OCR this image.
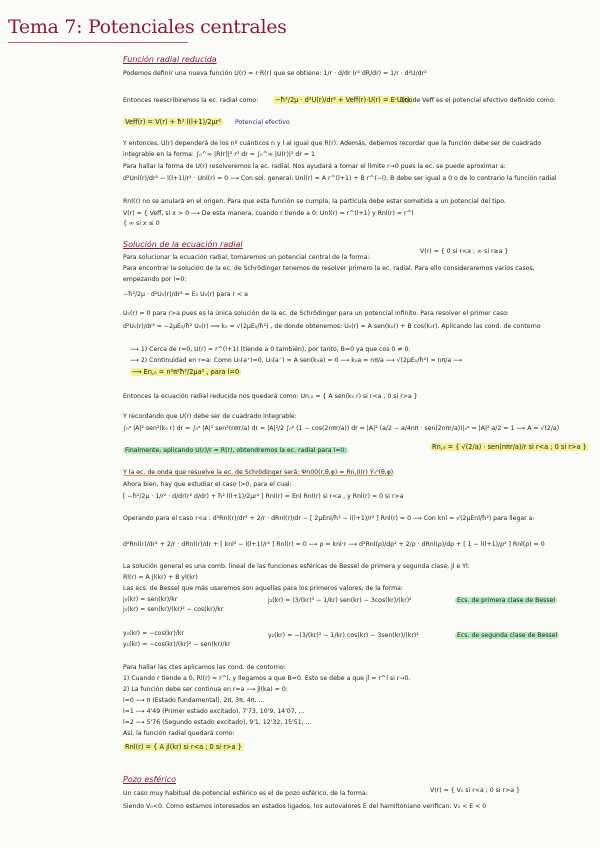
Tema 7: Potenciales centrales
Función radial reducida
Podemos definir una nueva función U(r) = r·R(r) que se obtiene: 1/r · d/dr (r² dR/dr) = 1/r · d²U/dr²
Entonces reescribiremos la ec. radial como:	−ħ²/2μ · d²U(r)/dr² + Veff(r)·U(r) = E·U(r).
Donde Veff es el potencial efectivo definido como:
Veff(r) = V(r) + ħ² l(l+1)/2μr²	Potencial efectivo
Y entonces, U(r) dependerá de los nº cuánticos n y l al igual que R(r). Además, debemos recordar que la función debe ser de cuadrado
integrable en la forma: ∫₀^∞ |R(r)|² r² dr = ∫₀^∞ |U(r)|² dr = 1
Para hallar la forma de U(r) resolveremos la ec. radial. Nos ayudará a tomar el límite r→0 pues la ec. se puede aproximar a:
d²Unl(r)/dr² − l(l+1)/r² · Unl(r) = 0 ⟶ Con sol. general: Unl(r) = A r^(l+1) + B r^(−l). B debe ser igual a 0 o de lo contrario la función radial
Rnl(r) no se anulará en el origen. Para que esta función se cumpla, la partícula debe estar sometida a un potencial del tipo.
V(r) = { Veff, si x > 0 ⟶ De esta manera, cuando r tiende a 0: Unl(r) ≈ r^(l+1) y Rnl(r) ≈ r^l
{ ∞ si x ≤ 0
Solución de la ecuación radial
Para solucionar la ecuación radial, tomaremos un potencial central de la forma:
V(r) = { 0 si r<a ; ∞ si r≥a }
Para encontrar la solución de la ec. de Schrödinger tenemos de resolver primero la ec. radial. Para ello consideraremos varios casos,
empezando por l=0:
−ħ²/2μ · d²U₀(r)/dr² = E₀ U₀(r) para r < a
U₀(r) = 0 para r>a pues es la única solución de la ec. de Schrödinger para un potencial infinito. Para resolver el primer caso:
d²U₀(r)/dr² = −2μE₀/ħ² U₀(r) ⟹ k₀ = √(2μE₀/ħ²) , de donde obtenemos: U₀(r) = A sen(k₀r) + B cos(k₀r). Aplicando las cond. de contorno
⟶ 1) Cerca de r=0, U(r) ≈ r^(l+1) (tiende a 0 también), por tanto, B=0 ya que cos 0 ≠ 0.
⟶ 2) Continuidad en r=a: Como U₀(a⁺)=0, U₀(a⁻) = A sen(k₀a) = 0 ⟶ k₀a = nπ/a ⟶ √(2μE₀/ħ²) = nπ/a ⟶
⟶ En,₀ = n²π²ħ²/2μa² , para l=0
Entonces la ecuación radial reducida nos quedará como: Un,₀ = { A sen(k₀ r) si r<a ; 0 si r>a }
Y recordando que U(r) debe ser de cuadrado integrable:
∫₀ᵃ |A|² sen²(k₀ r) dr = ∫₀ᵃ |A|² sen²(nπr/a) dr = |A|²/2 ∫₀ᵃ (1 − cos(2nπr/a)) dr = |A|² (a/2 − a/4nπ · sen(2nπr/a))|₀ᵃ = |A|² a/2 = 1 ⟶ A = √(2/a)
Finalmente, aplicando U(r)/r = R(r), obtendremos la ec. radial para l=0:	Rn,₀ = { √(2/a) · sen(nπr/a)/r si r<a ; 0 si r>a }
Y la ec. de onda que resuelve la ec. de Schrödinger será: Ψn00(r,θ,φ) = Rn,0(r) Y₀⁰(θ,φ)
Ahora bien, hay que estudiar el caso l>0, para el cual:
[ −ħ²/2μ · 1/r² · d/dr(r² d/dr) + ħ² l(l+1)/2μr² ] Rnl(r) = Enl Rnl(r) si r<a , y Rnl(r) = 0 si r>a
Operando para el caso r<a : d²Rnl(r)/dr² + 2/r · dRnl(r)/dr − [ 2μEnl/ħ² − l(l+1)/r² ] Rnl(r) = 0 ⟶ Con knl = √(2μEnl/ħ²) para llegar a:
d²Rnl(r)/dr² + 2/r · dRnl(r)/dr + [ knl² − l(l+1)/r² ] Rnl(r) = 0 ⟶ ρ = knl·r ⟶ d²Rnl(ρ)/dρ² + 2/ρ · dRnl(ρ)/dρ + [ 1 − l(l+1)/ρ² ] Rnl(ρ) = 0
La solución general es una comb. lineal de las funciones esféricas de Bessel de primera y segunda clase, jl e Yl:
Rl(r) = A jl(kr) + B yl(kr)
Las ecs. de Bessel que más usaremos son aquellas para los primeros valores, de la forma:
j₀(kr) = sen(kr)/kr
j₁(kr) = sen(kr)/(kr)² − cos(kr)/kr
j₂(kr) = (3/(kr)³ − 1/kr) sen(kr) − 3cos(kr)/(kr)²	Ecs. de primera clase de Bessel
y₀(kr) = −cos(kr)/kr
y₁(kr) = −cos(kr)/(kr)² − sen(kr)/kr
y₂(kr) = −(3/(kr)³ − 1/kr) cos(kr) − 3sen(kr)/(kr)²	Ecs. de segunda clase de Bessel
Para hallar las ctes aplicamos las cond. de contorno:
1) Cuando r tiende a 0, Rl(r) ≈ r^l, y llegamos a que B=0. Esto se debe a que jl ≈ r^l si r→0.
2) La función debe ser continua en r=a ⟶ jl(ka) = 0:
l=0 ⟶ π (Estado fundamental), 2π, 3π, 4π, …
l=1 ⟶ 4'49 (Primer estado excitado), 7'73, 10'9, 14'07, …
l=2 ⟶ 5'76 (Segundo estado excitado), 9'1, 12'32, 15'51, …
Así, la función radial quedará como:
Rnl(r) = { A jl(kr) si r<a ; 0 si r>a }
Pozo esférico
Un caso muy habitual de potencial esférico es el de pozo esférico, de la forma:	V(r) = { V₀ si r<a ; 0 si r>a }
Siendo V₀<0. Como estamos interesados en estados ligados, los autovalores E del hamiltoniano verifican: V₀ < E < 0
